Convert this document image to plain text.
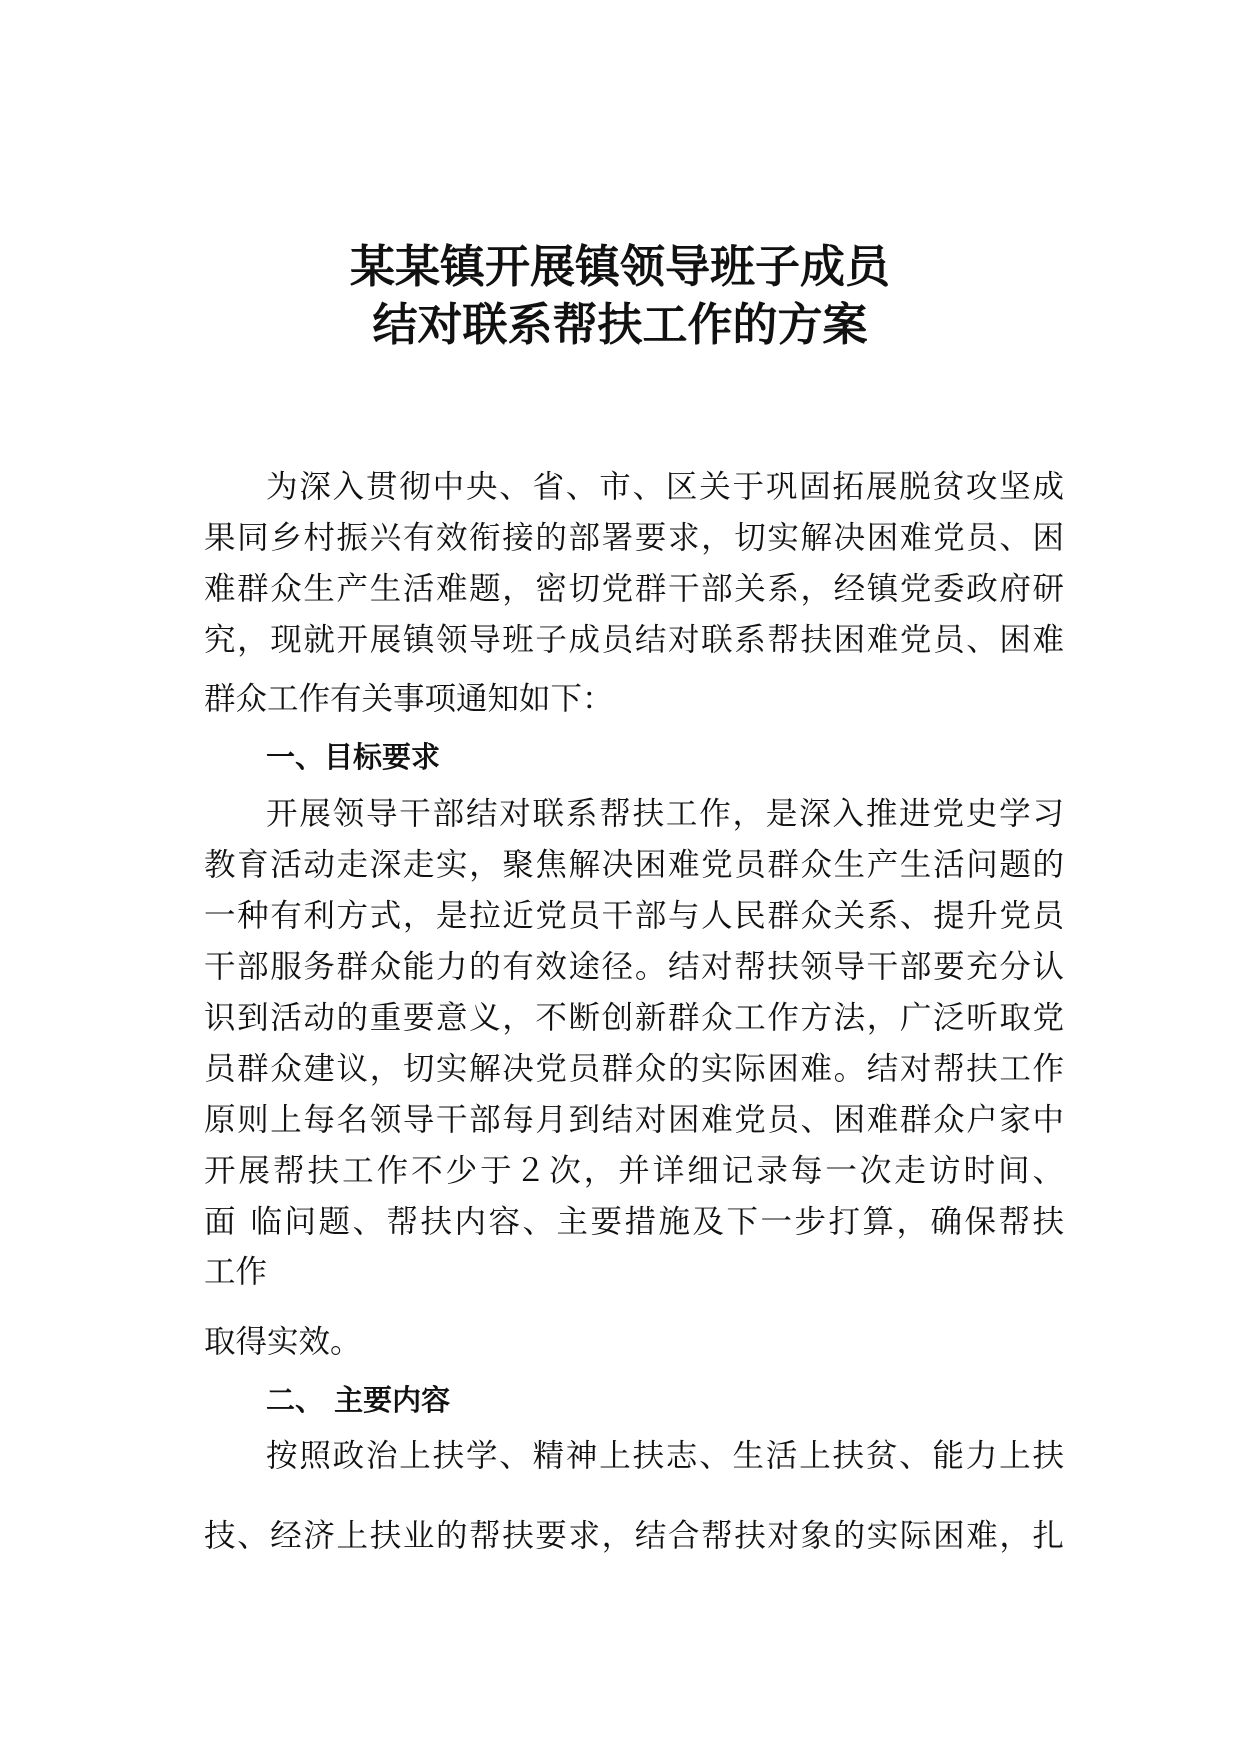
某某镇开展镇领导班子成员
结对联系帮扶工作的方案
为深入贯彻中央、省、市、区关于巩固拓展脱贫攻坚成
果同乡村振兴有效衔接的部署要求，切实解决困难党员、困
难群众生产生活难题，密切党群干部关系，经镇党委政府研
究，现就开展镇领导班子成员结对联系帮扶困难党员、困难
群众工作有关事项通知如下：
一、目标要求
开展领导干部结对联系帮扶工作，是深入推进党史学习
教育活动走深走实，聚焦解决困难党员群众生产生活问题的
一种有利方式，是拉近党员干部与人民群众关系、提升党员
干部服务群众能力的有效途径。结对帮扶领导干部要充分认
识到活动的重要意义，不断创新群众工作方法，广泛听取党
员群众建议，切实解决党员群众的实际困难。结对帮扶工作
原则上每名领导干部每月到结对困难党员、困难群众户家中
开展帮扶工作不少于２次，并详细记录每一次走访时间、
面 临问题、帮扶内容、主要措施及下一步打算，确保帮扶
工作
取得实效。
二、 主要内容
按照政治上扶学、精神上扶志、生活上扶贫、能力上扶
技、经济上扶业的帮扶要求，结合帮扶对象的实际困难，扎
